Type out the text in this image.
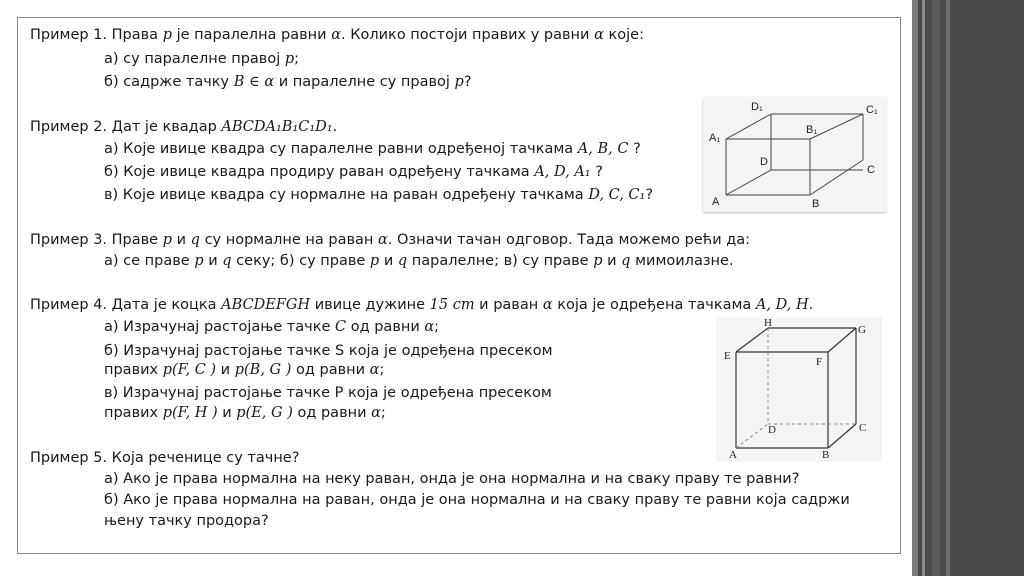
Пример 1. Права p је паралелна равни α. Колико постоји правих у равни α које:
а) су паралелне правој p;
б) садрже тачку B ∈ α и паралелне су правој p?
Пример 2. Дат је квадар ABCDA₁B₁C₁D₁.
а) Које ивице квадра су паралелне равни одређеној тачкама A, B, C ?
б) Које ивице квадра продиру раван одређену тачкама A, D, A₁ ?
в) Које ивице квадра су нормалне на раван одређену тачкама D, C, C₁?
Пример 3. Праве p и q су нормалне на раван α. Означи тачан одговор. Тада можемо рећи да:
а) се праве p и q секу; б) су праве p и q паралелне; в) су праве p и q мимоилазне.
Пример 4. Дата је коцка ABCDEFGH ивице дужине 15 cm и раван α која је одређена тачкама A, D, H.
а) Израчунај растојање тачке C од равни α;
б) Израчунај растојање тачке S која је одређена пресеком
правих p(F, C ) и p(B, G ) од равни α;
в) Израчунај растојање тачке P која је одређена пресеком
правих p(F, H ) и p(E, G ) од равни α;
Пример 5. Која реченице су тачне?
а) Ако је права нормална на неку раван, онда је она нормална и на сваку праву те равни?
б) Ако је права нормална на раван, онда је она нормална и на сваку праву те равни која садржи
њену тачку продора?
A	B
C
D
A₁
B₁
C₁
D₁
A	B
C
D
E	F
G
H
